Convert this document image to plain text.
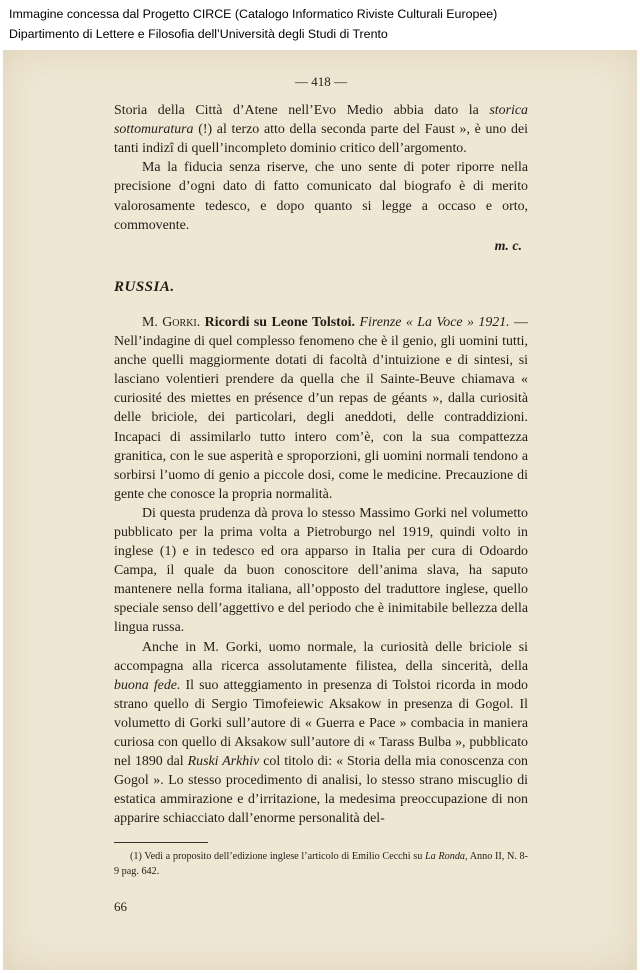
Immagine concessa dal Progetto CIRCE (Catalogo Informatico Riviste Culturali Europee)
Dipartimento di Lettere e Filosofia dell’Università degli Studi di Trento
— 418 —

Storia della Città d’Atene nell’Evo Medio abbia dato la storica sottomuratura (!) al terzo atto della seconda parte del Faust », è uno dei tanti indizî di quell’incompleto dominio critico dell’argomento.

Ma la fiducia senza riserve, che uno sente di poter riporre nella precisione d’ogni dato di fatto comunicato dal biografo è di merito valorosamente tedesco, e dopo quanto si legge a occaso e orto, commovente.

m. c.
RUSSIA.

M. Gorki. Ricordi su Leone Tolstoi. Firenze « La Voce » 1921. — Nell’indagine di quel complesso fenomeno che è il genio, gli uomini tutti, anche quelli maggiormente dotati di facoltà d’intuizione e di sintesi, si lasciano volentieri prendere da quella che il Sainte-Beuve chiamava « curiosité des miettes en présence d’un repas de géants », dalla curiosità delle briciole, dei particolari, degli aneddoti, delle contraddizioni. Incapaci di assimilarlo tutto intero com’è, con la sua compattezza granitica, con le sue asperità e sproporzioni, gli uomini normali tendono a sorbirsi l’uomo di genio a piccole dosi, come le medicine. Precauzione di gente che conosce la propria normalità.

Di questa prudenza dà prova lo stesso Massimo Gorki nel volumetto pubblicato per la prima volta a Pietroburgo nel 1919, quindi volto in inglese (1) e in tedesco ed ora apparso in Italia per cura di Odoardo Campa, il quale da buon conoscitore dell’anima slava, ha saputo mantenere nella forma italiana, all’opposto del traduttore inglese, quello speciale senso dell’aggettivo e del periodo che è inimitabile bellezza della lingua russa.

Anche in M. Gorki, uomo normale, la curiosità delle briciole si accompagna alla ricerca assolutamente filistea, della sincerità, della buona fede. Il suo atteggiamento in presenza di Tolstoi ricorda in modo strano quello di Sergio Timofeiewic Aksakow in presenza di Gogol. Il volumetto di Gorki sull’autore di « Guerra e Pace » combacia in maniera curiosa con quello di Aksakow sull’autore di « Tarass Bulba », pubblicato nel 1890 dal Ruski Arkhiv col titolo di: « Storia della mia conoscenza con Gogol ». Lo stesso procedimento di analisi, lo stesso strano miscuglio di estatica ammirazione e d’irritazione, la medesima preoccupazione di non apparire schiacciato dall’enorme personalità del-

(1) Vedi a proposito dell’edizione inglese l’articolo di Emilio Cecchi su La Ronda, Anno II, N. 8-9 pag. 642.

66
